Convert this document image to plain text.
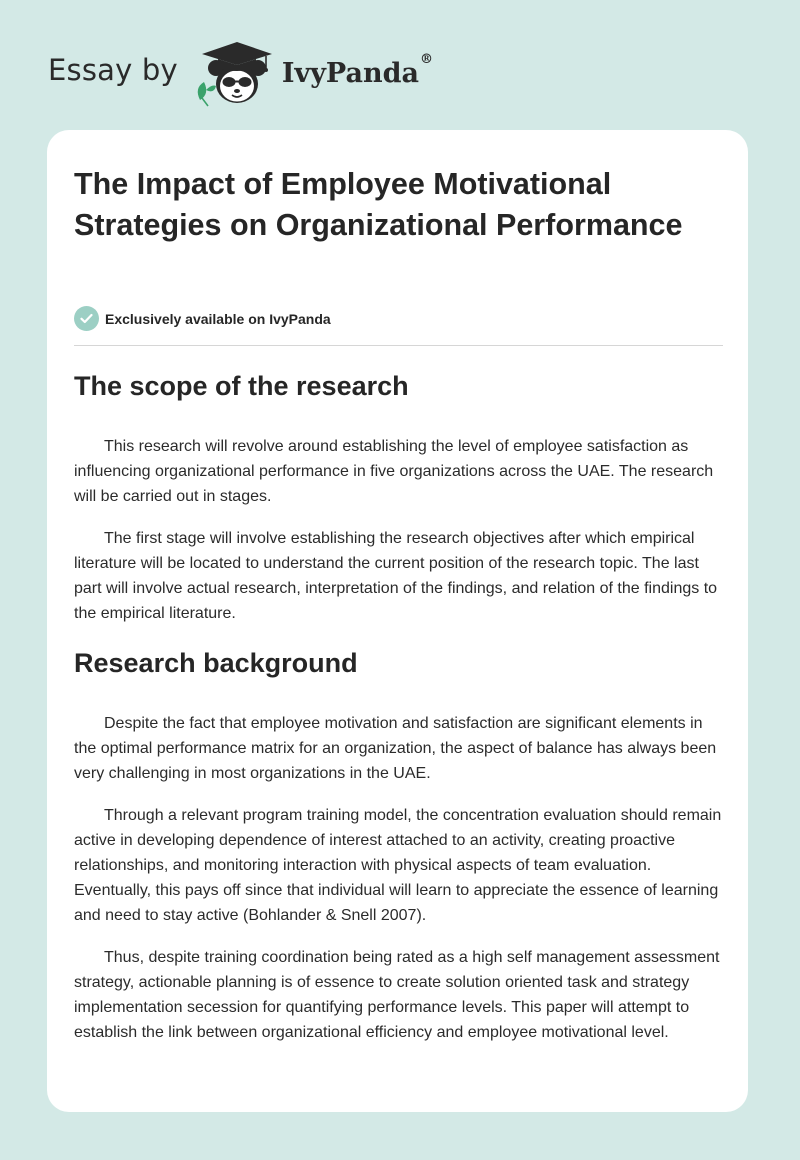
Essay by	IvyPanda®
The Impact of Employee Motivational Strategies on Organizational Performance
Exclusively available on IvyPanda
The scope of the research

This research will revolve around establishing the level of employee satisfaction as influencing organizational performance in five organizations across the UAE. The research will be carried out in stages.

The first stage will involve establishing the research objectives after which empirical literature will be located to understand the current position of the research topic. The last part will involve actual research, interpretation of the findings, and relation of the findings to the empirical literature.

Research background

Despite the fact that employee motivation and satisfaction are significant elements in the optimal performance matrix for an organization, the aspect of balance has always been very challenging in most organizations in the UAE.

Through a relevant program training model, the concentration evaluation should remain active in developing dependence of interest attached to an activity, creating proactive relationships, and monitoring interaction with physical aspects of team evaluation. Eventually, this pays off since that individual will learn to appreciate the essence of learning and need to stay active (Bohlander & Snell 2007).

Thus, despite training coordination being rated as a high self management assessment strategy, actionable planning is of essence to create solution oriented task and strategy implementation secession for quantifying performance levels. This paper will attempt to establish the link between organizational efficiency and employee motivational level.
